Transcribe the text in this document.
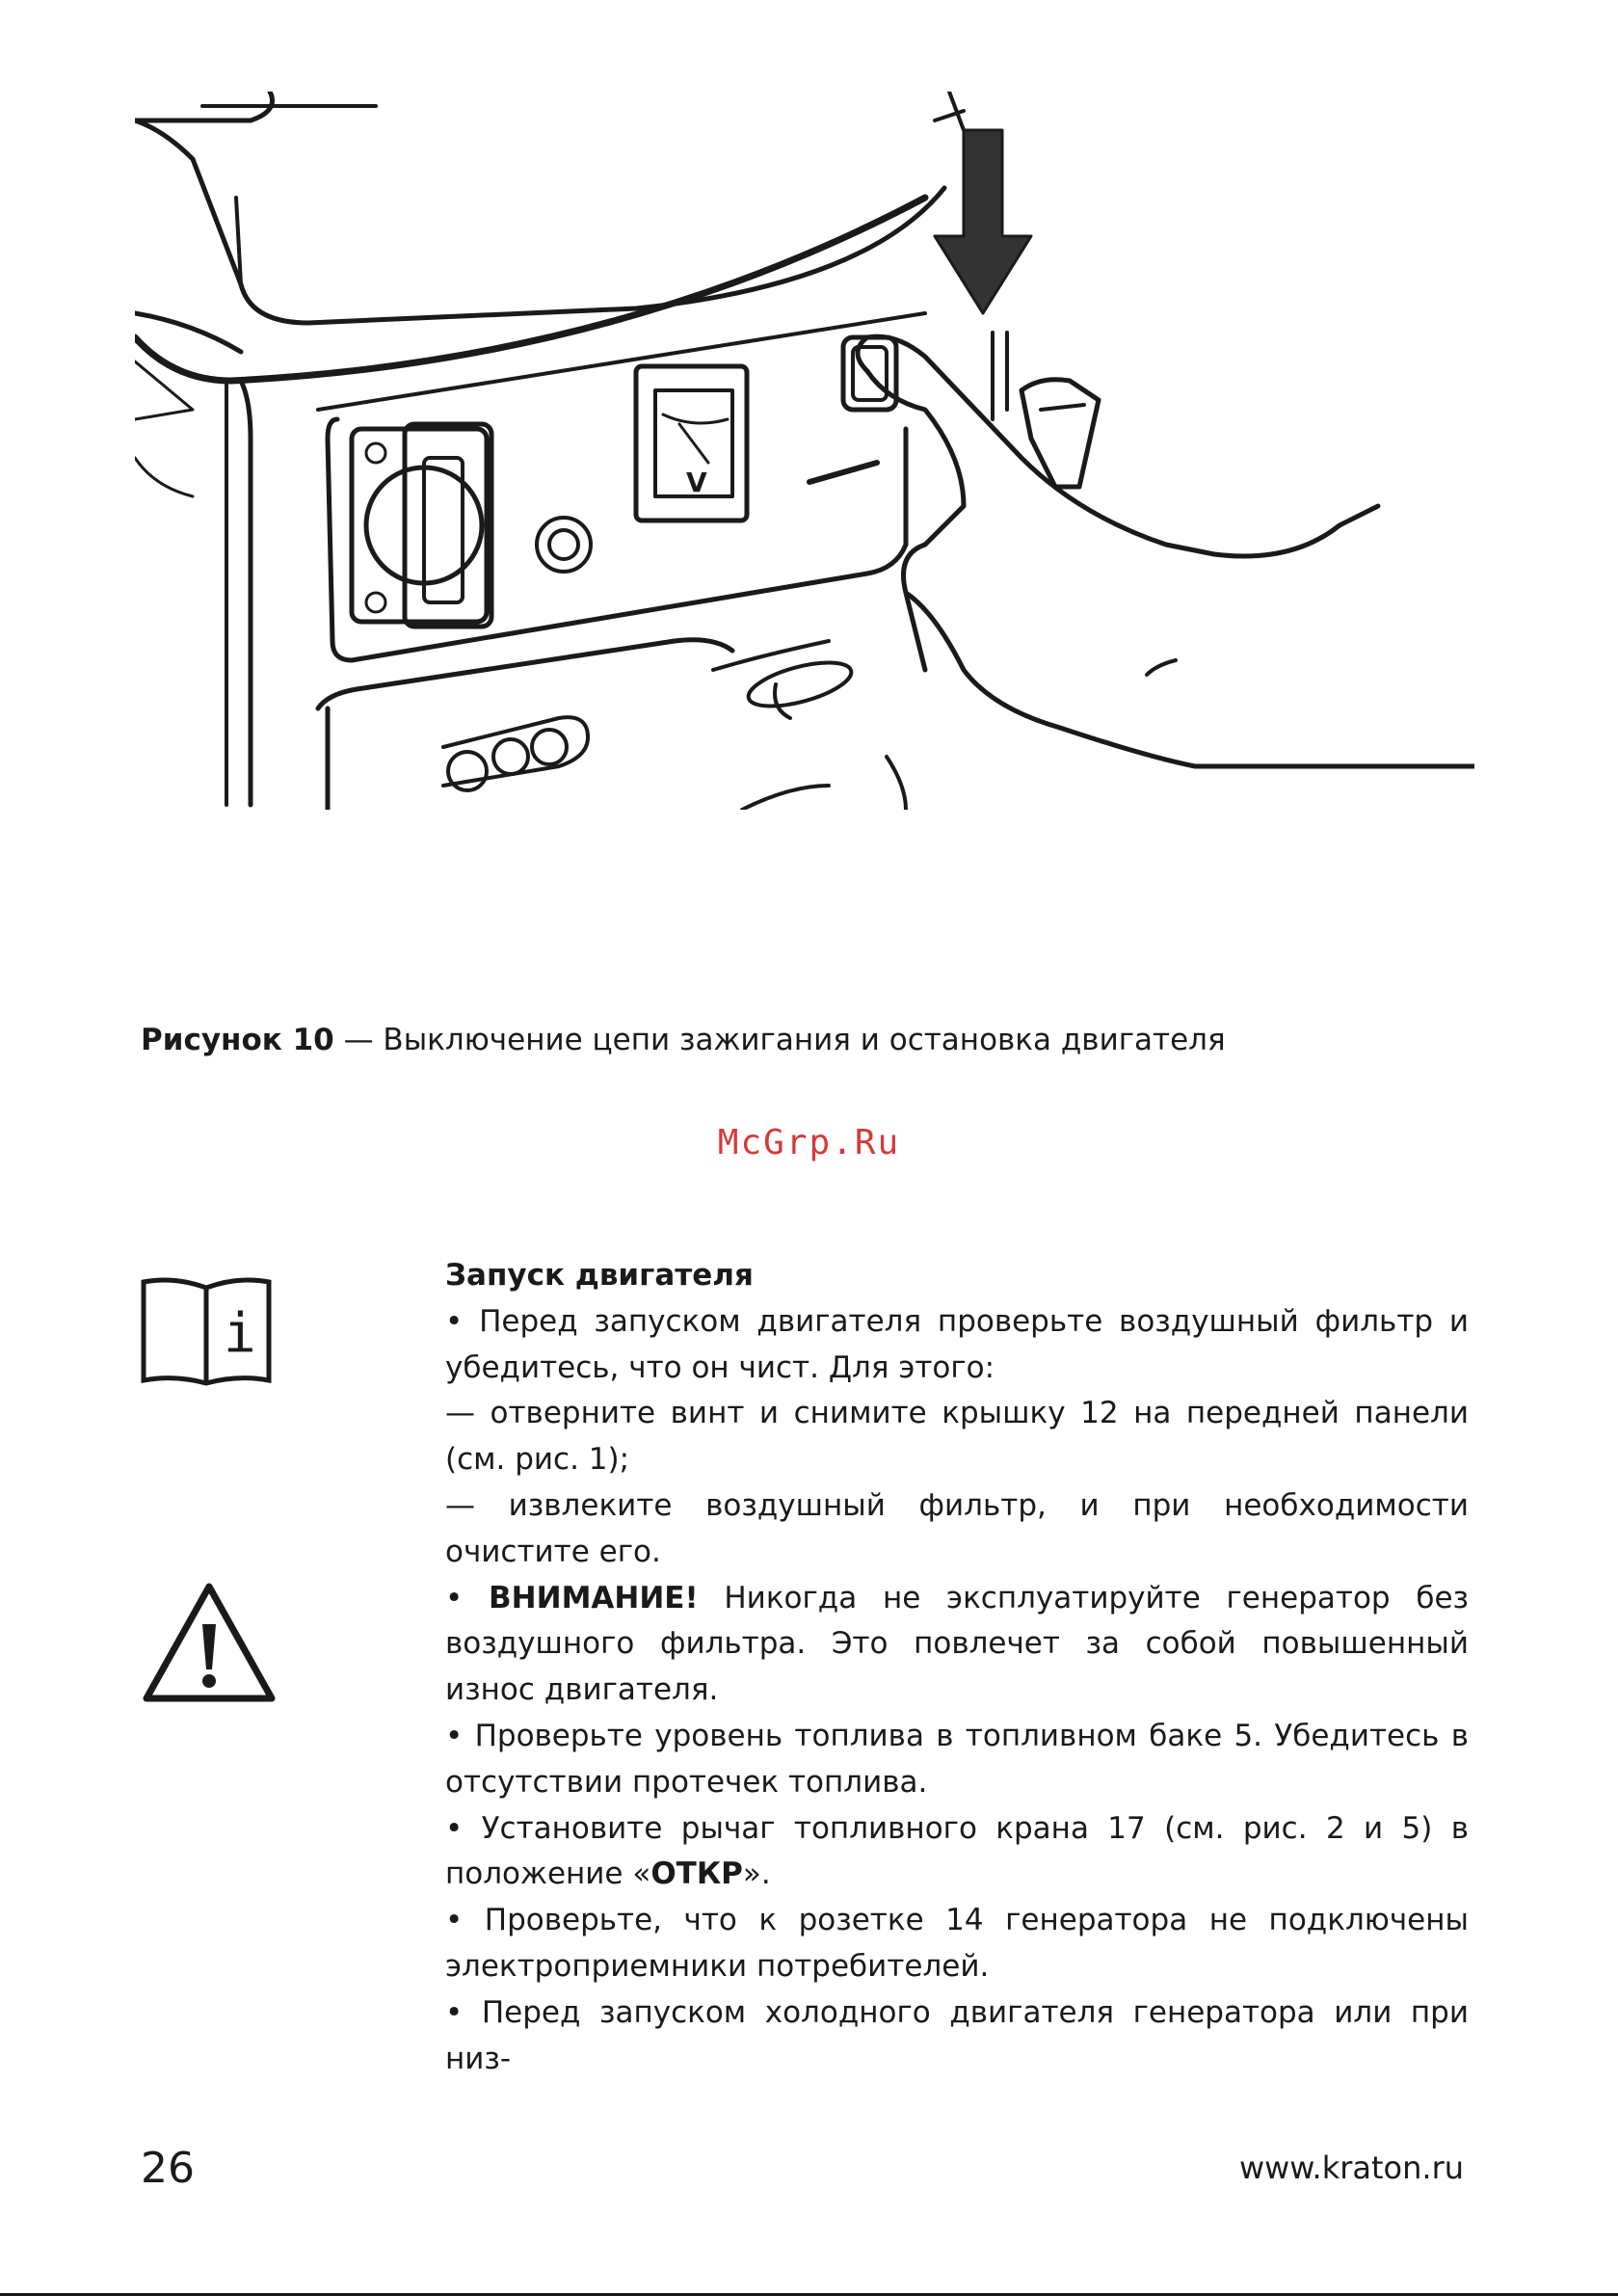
V
Рисунок 10 — Выключение цепи зажигания и остановка двигателя
McGrp.Ru
i

Запуск двигателя

• Перед запуском двигателя проверьте воздушный фильтр и убедитесь, что он чист. Для этого:

— отверните винт и снимите крышку 12 на передней панели (см. рис. 1);

— извлеките воздушный фильтр, и при необходимости очистите его.

• ВНИМАНИЕ! Никогда не эксплуатируйте генератор без воздушного фильтра. Это повлечет за собой повышенный износ двигателя.

• Проверьте уровень топлива в топливном баке 5. Убедитесь в отсутствии протечек топлива.

• Установите рычаг топливного крана 17 (см. рис. 2 и 5) в положение «ОТКР».

• Проверьте, что к розетке 14 генератора не подключены электроприемники потребителей.

• Перед запуском холодного двигателя генератора или при низ-

26	www.kraton.ru
